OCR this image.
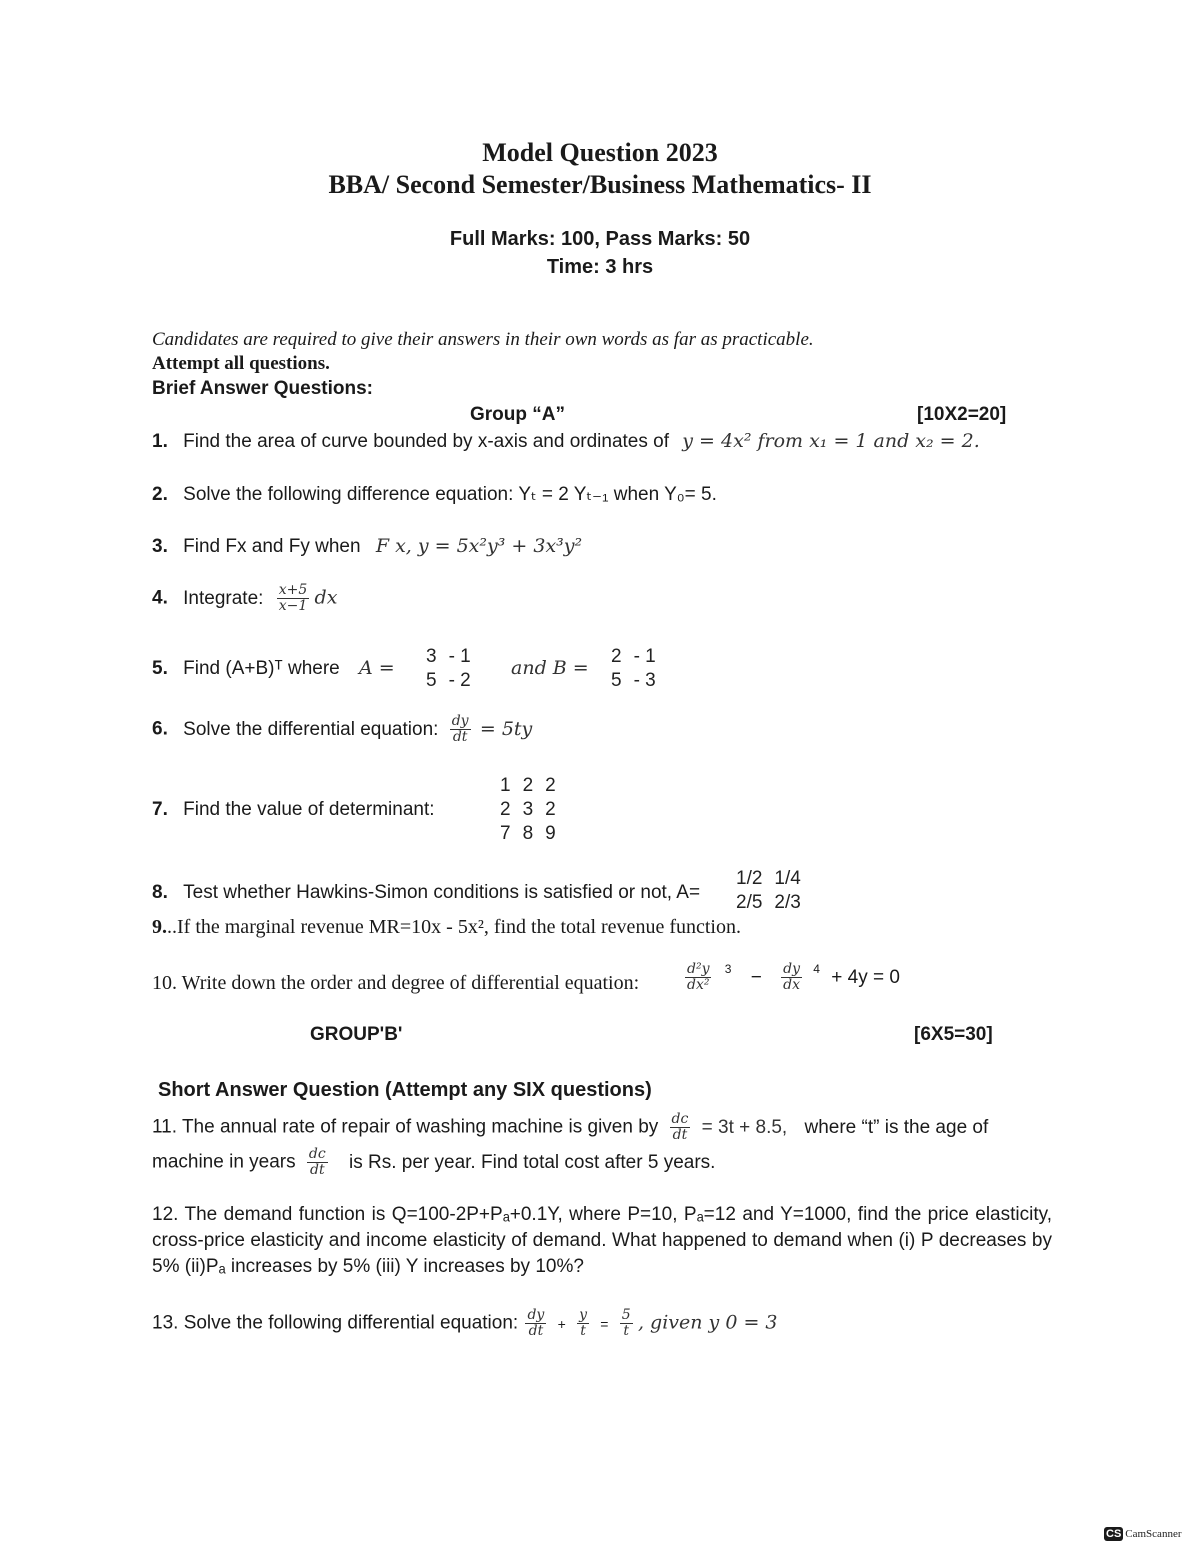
Model Question 2023
BBA/ Second Semester/Business Mathematics- II
Full Marks: 100, Pass Marks: 50
Time: 3 hrs
Candidates are required to give their answers in their own words as far as practicable.
Attempt all questions.
Brief Answer Questions:
Group “A”	[10X2=20]
1. Find the area of curve bounded by x-axis and ordinates of y = 4x² from x₁ = 1 and x₂ = 2.
2. Solve the following difference equation: Yₜ = 2 Yₜ₋₁ when Y₀= 5.
3. Find Fx and Fy when F x, y = 5x²y³ + 3x³y²
4. Integrate: $\frac{x+5}{x-1}$ dx
5. Find (A+B)ᵀ where A =
3	- 1
5	- 2
and B =
2	- 1
5	- 3
6. Solve the differential equation: $\frac{dy}{dt} = 5ty$
7. Find the value of determinant:
1	2	2
2	3	2
7	8	9
8. Test whether Hawkins-Simon conditions is satisfied or not, A=
1/2	1/4
2/5	2/3
9...If the marginal revenue MR=10x - 5x², find the total revenue function.
10. Write down the order and degree of differential equation:	$\frac{\text{d²y}}{\text{dx²}} ^3 - \frac{dy}{dx} ^4 + 4y = 0$
GROUP'B'	[6X5=30]
Short Answer Question (Attempt any SIX questions)
11. The annual rate of repair of washing machine is given by $\frac{dc}{dt} = 3t + 8.5$, where “t” is the age of
machine in years $\frac{dc}{dt}$ is Rs. per year. Find total cost after 5 years.
12. The demand function is Q=100-2P+Pₐ+0.1Y, where P=10, Pₐ=12 and Y=1000, find the price elasticity, cross-price elasticity and income elasticity of demand. What happened to demand when (i) P decreases by 5% (ii)Pₐ increases by 5% (iii) Y increases by 10%?
13. Solve the following differential equation: $\frac{dy}{dt} + \frac{y}{t} = \frac{5}{t}$ , given y 0 = 3
CS CamScanner
